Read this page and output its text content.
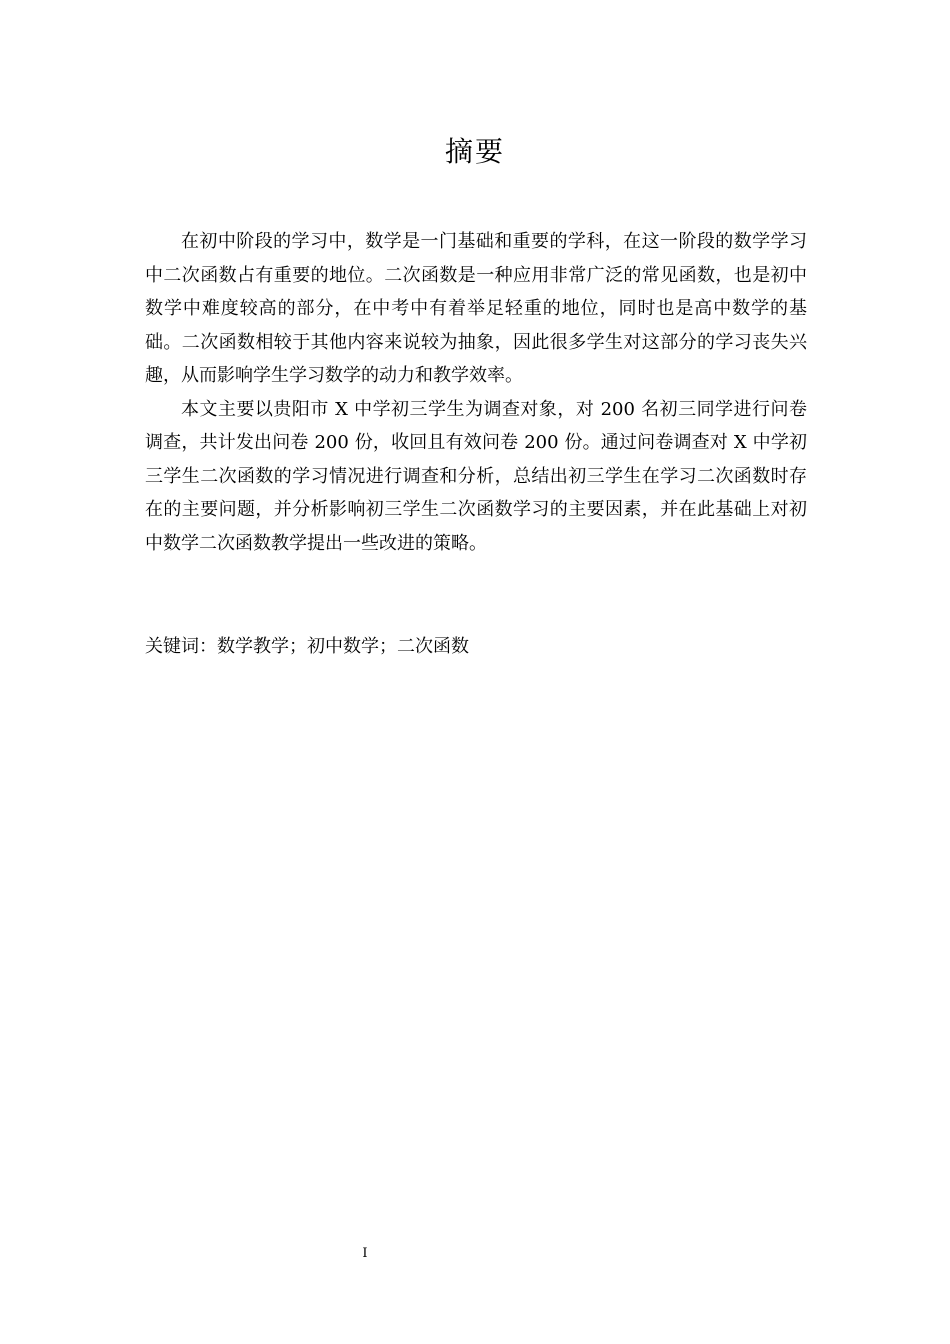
摘要

在初中阶段的学习中，数学是一门基础和重要的学科，在这一阶段的数学学习中二次函数占有重要的地位。二次函数是一种应用非常广泛的常见函数，也是初中数学中难度较高的部分，在中考中有着举足轻重的地位，同时也是高中数学的基础。二次函数相较于其他内容来说较为抽象，因此很多学生对这部分的学习丧失兴趣，从而影响学生学习数学的动力和教学效率。

本文主要以贵阳市 X 中学初三学生为调查对象，对 200 名初三同学进行问卷调查，共计发出问卷 200 份，收回且有效问卷 200 份。通过问卷调查对 X 中学初三学生二次函数的学习情况进行调查和分析，总结出初三学生在学习二次函数时存在的主要问题，并分析影响初三学生二次函数学习的主要因素，并在此基础上对初中数学二次函数教学提出一些改进的策略。

关键词：数学教学；初中数学；二次函数
I
